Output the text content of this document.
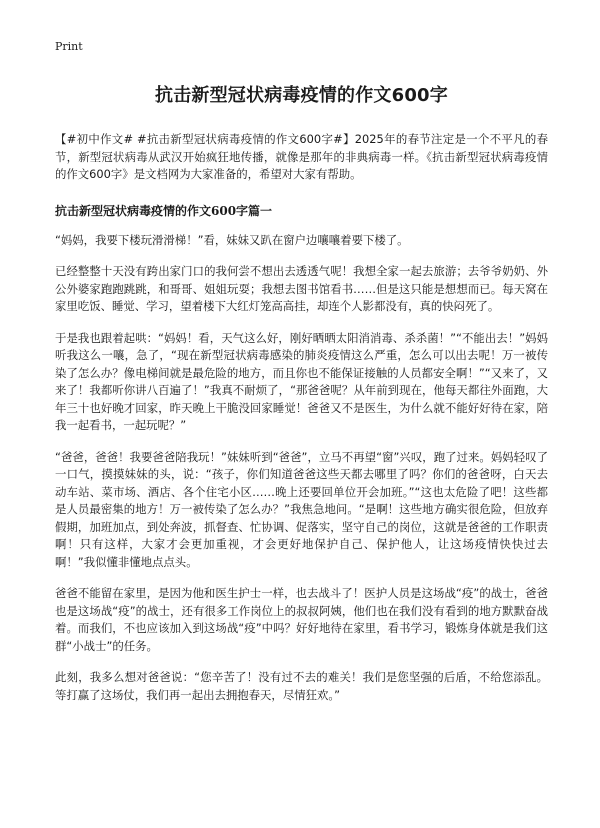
Print
抗击新型冠状病毒疫情的作文600字

【#初中作文# #抗击新型冠状病毒疫情的作文600字#】2025年的春节注定是一个不平凡的春节，新型冠状病毒从武汉开始疯狂地传播，就像是那年的非典病毒一样。《抗击新型冠状病毒疫情的作文600字》是文档网为大家准备的，希望对大家有帮助。

抗击新型冠状病毒疫情的作文600字篇一

“妈妈，我要下楼玩滑滑梯！”看，妹妹又趴在窗户边嚷嚷着要下楼了。

已经整整十天没有跨出家门口的我何尝不想出去透透气呢！我想全家一起去旅游；去爷爷奶奶、外公外婆家跑跑跳跳，和哥哥、姐姐玩耍；我想去图书馆看书……但是这只能是想想而已。每天窝在家里吃饭、睡觉、学习，望着楼下大红灯笼高高挂，却连个人影都没有，真的快闷死了。

于是我也跟着起哄：“妈妈！看，天气这么好，刚好晒晒太阳消消毒、杀杀菌！”“不能出去！”妈妈听我这么一嚷，急了，“现在新型冠状病毒感染的肺炎疫情这么严重，怎么可以出去呢！万一被传染了怎么办？像电梯间就是最危险的地方，而且你也不能保证接触的人员都安全啊！”“又来了，又来了！我都听你讲八百遍了！”我真不耐烦了，“那爸爸呢？从年前到现在，他每天都往外面跑，大年三十也好晚才回家，昨天晚上干脆没回家睡觉！爸爸又不是医生，为什么就不能好好待在家，陪我一起看书，一起玩呢？”

“爸爸，爸爸！我要爸爸陪我玩！”妹妹听到“爸爸”，立马不再望“窗”兴叹，跑了过来。妈妈轻叹了一口气，摸摸妹妹的头，说：“孩子，你们知道爸爸这些天都去哪里了吗？你们的爸爸呀，白天去动车站、菜市场、酒店、各个住宅小区……晚上还要回单位开会加班。”“这也太危险了吧！这些都是人员最密集的地方！万一被传染了怎么办？”我焦急地问。“是啊！这些地方确实很危险，但放弃假期，加班加点，到处奔波，抓督查、忙协调、促落实，坚守自己的岗位，这就是爸爸的工作职责啊！只有这样，大家才会更加重视，才会更好地保护自己、保护他人，让这场疫情快快过去啊！”我似懂非懂地点点头。

爸爸不能留在家里，是因为他和医生护士一样，也去战斗了！医护人员是这场战“疫”的战士，爸爸也是这场战“疫”的战士，还有很多工作岗位上的叔叔阿姨，他们也在我们没有看到的地方默默奋战着。而我们，不也应该加入到这场战“疫”中吗？好好地待在家里，看书学习，锻炼身体就是我们这群“小战士”的任务。

此刻，我多么想对爸爸说：“您辛苦了！没有过不去的难关！我们是您坚强的后盾，不给您添乱。等打赢了这场仗，我们再一起出去拥抱春天，尽情狂欢。”
